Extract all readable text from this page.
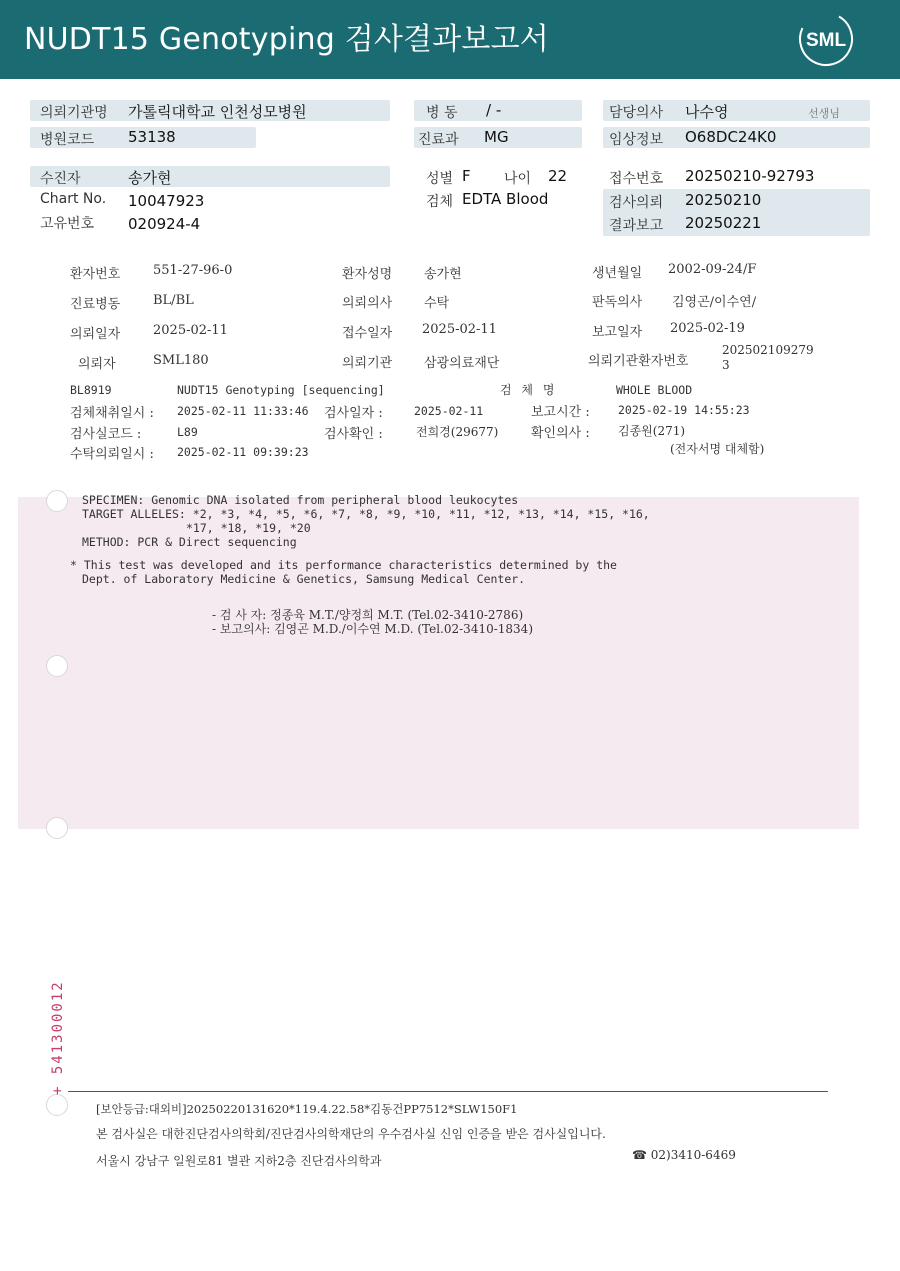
NUDT15 Genotyping 검사결과보고서	SML
의뢰기관명 가톨릭대학교 인천성모병원	병 동 / -	담당의사 나수영	선생님
병원코드 53138	진료과 MG	임상정보 O68DC24K0
수진자	송가현	성별 F 나이 22	접수번호 20250210-92793
Chart No. 10047923
고유번호 020924-4
검체 EDTA Blood	검사의뢰 20250210
결과보고 20250221
환자번호	551-27-96-0	환자성명 송가현	생년월일 2002-09-24/F
진료병동	BL/BL	의뢰의사 수탁	판독의사 김영곤/이수연/
의뢰일자	2025-02-11	접수일자 2025-02-11	보고일자 2025-02-19
의뢰자	SML180	의뢰기관 삼광의료재단	의뢰기관환자번호
202502109279
3
BL8919	NUDT15 Genotyping [sequencing]	검 체 명	WHOLE BLOOD
검체채취일시 : 2025-02-11 11:33:46 검사일자 :	2025-02-11	보고시간 : 2025-02-19 14:55:23
검사실코드 :	L89	검사확인 :	전희경(29677)	확인의사 : 김종원(271)
수탁의뢰일시 : 2025-02-11 09:39:23	(전자서명 대체함)
SPECIMEN: Genomic DNA isolated from peripheral blood leukocytes
TARGET ALLELES: *2, *3, *4, *5, *6, *7, *8, *9, *10, *11, *12, *13, *14, *15, *16,
*17, *18, *19, *20
METHOD: PCR & Direct sequencing
* This test was developed and its performance characteristics determined by the
Dept. of Laboratory Medicine & Genetics, Samsung Medical Center.
- 검 사 자: 정종육 M.T./양정희 M.T. (Tel.02-3410-2786)
- 보고의사: 김영곤 M.D./이수연 M.D. (Tel.02-3410-1834)
+ 541300012
[보안등급:대외비]20250220131620*119.4.22.58*김동건PP7512*SLW150F1
본 검사실은 대한진단검사의학회/진단검사의학재단의 우수검사실 신임 인증을 받은 검사실입니다.
서울시 강남구 일원로81 별관 지하2층 진단검사의학과	☎ 02)3410-6469
